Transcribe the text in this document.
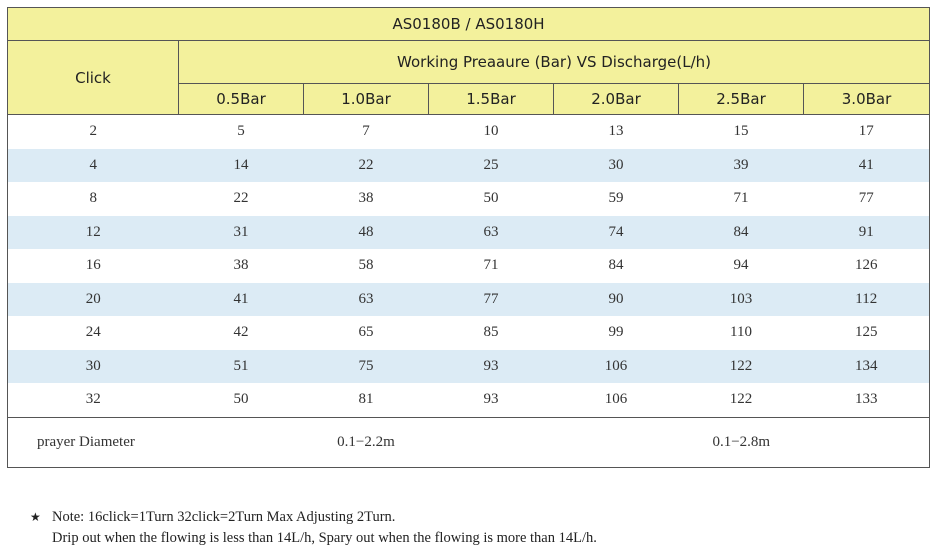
AS0180B / AS0180H						
Click	Working Preaaure (Bar) VS Discharge(L/h)					
	0.5Bar	1.0Bar	1.5Bar	2.0Bar	2.5Bar	3.0Bar
2	5	7	10	13	15	17
4	14	22	25	30	39	41
8	22	38	50	59	71	77
12	31	48	63	74	84	91
16	38	58	71	84	94	126
20	41	63	77	90	103	112
24	42	65	85	99	110	125
30	51	75	93	106	122	134
32	50	81	93	106	122	133
prayer Diameter	0.1−2.2m			0.1−2.8m		
★ Note: 16click=1Turn 32click=2Turn Max Adjusting 2Turn.
Drip out when the flowing is less than 14L/h, Spary out when the flowing is more than 14L/h.
